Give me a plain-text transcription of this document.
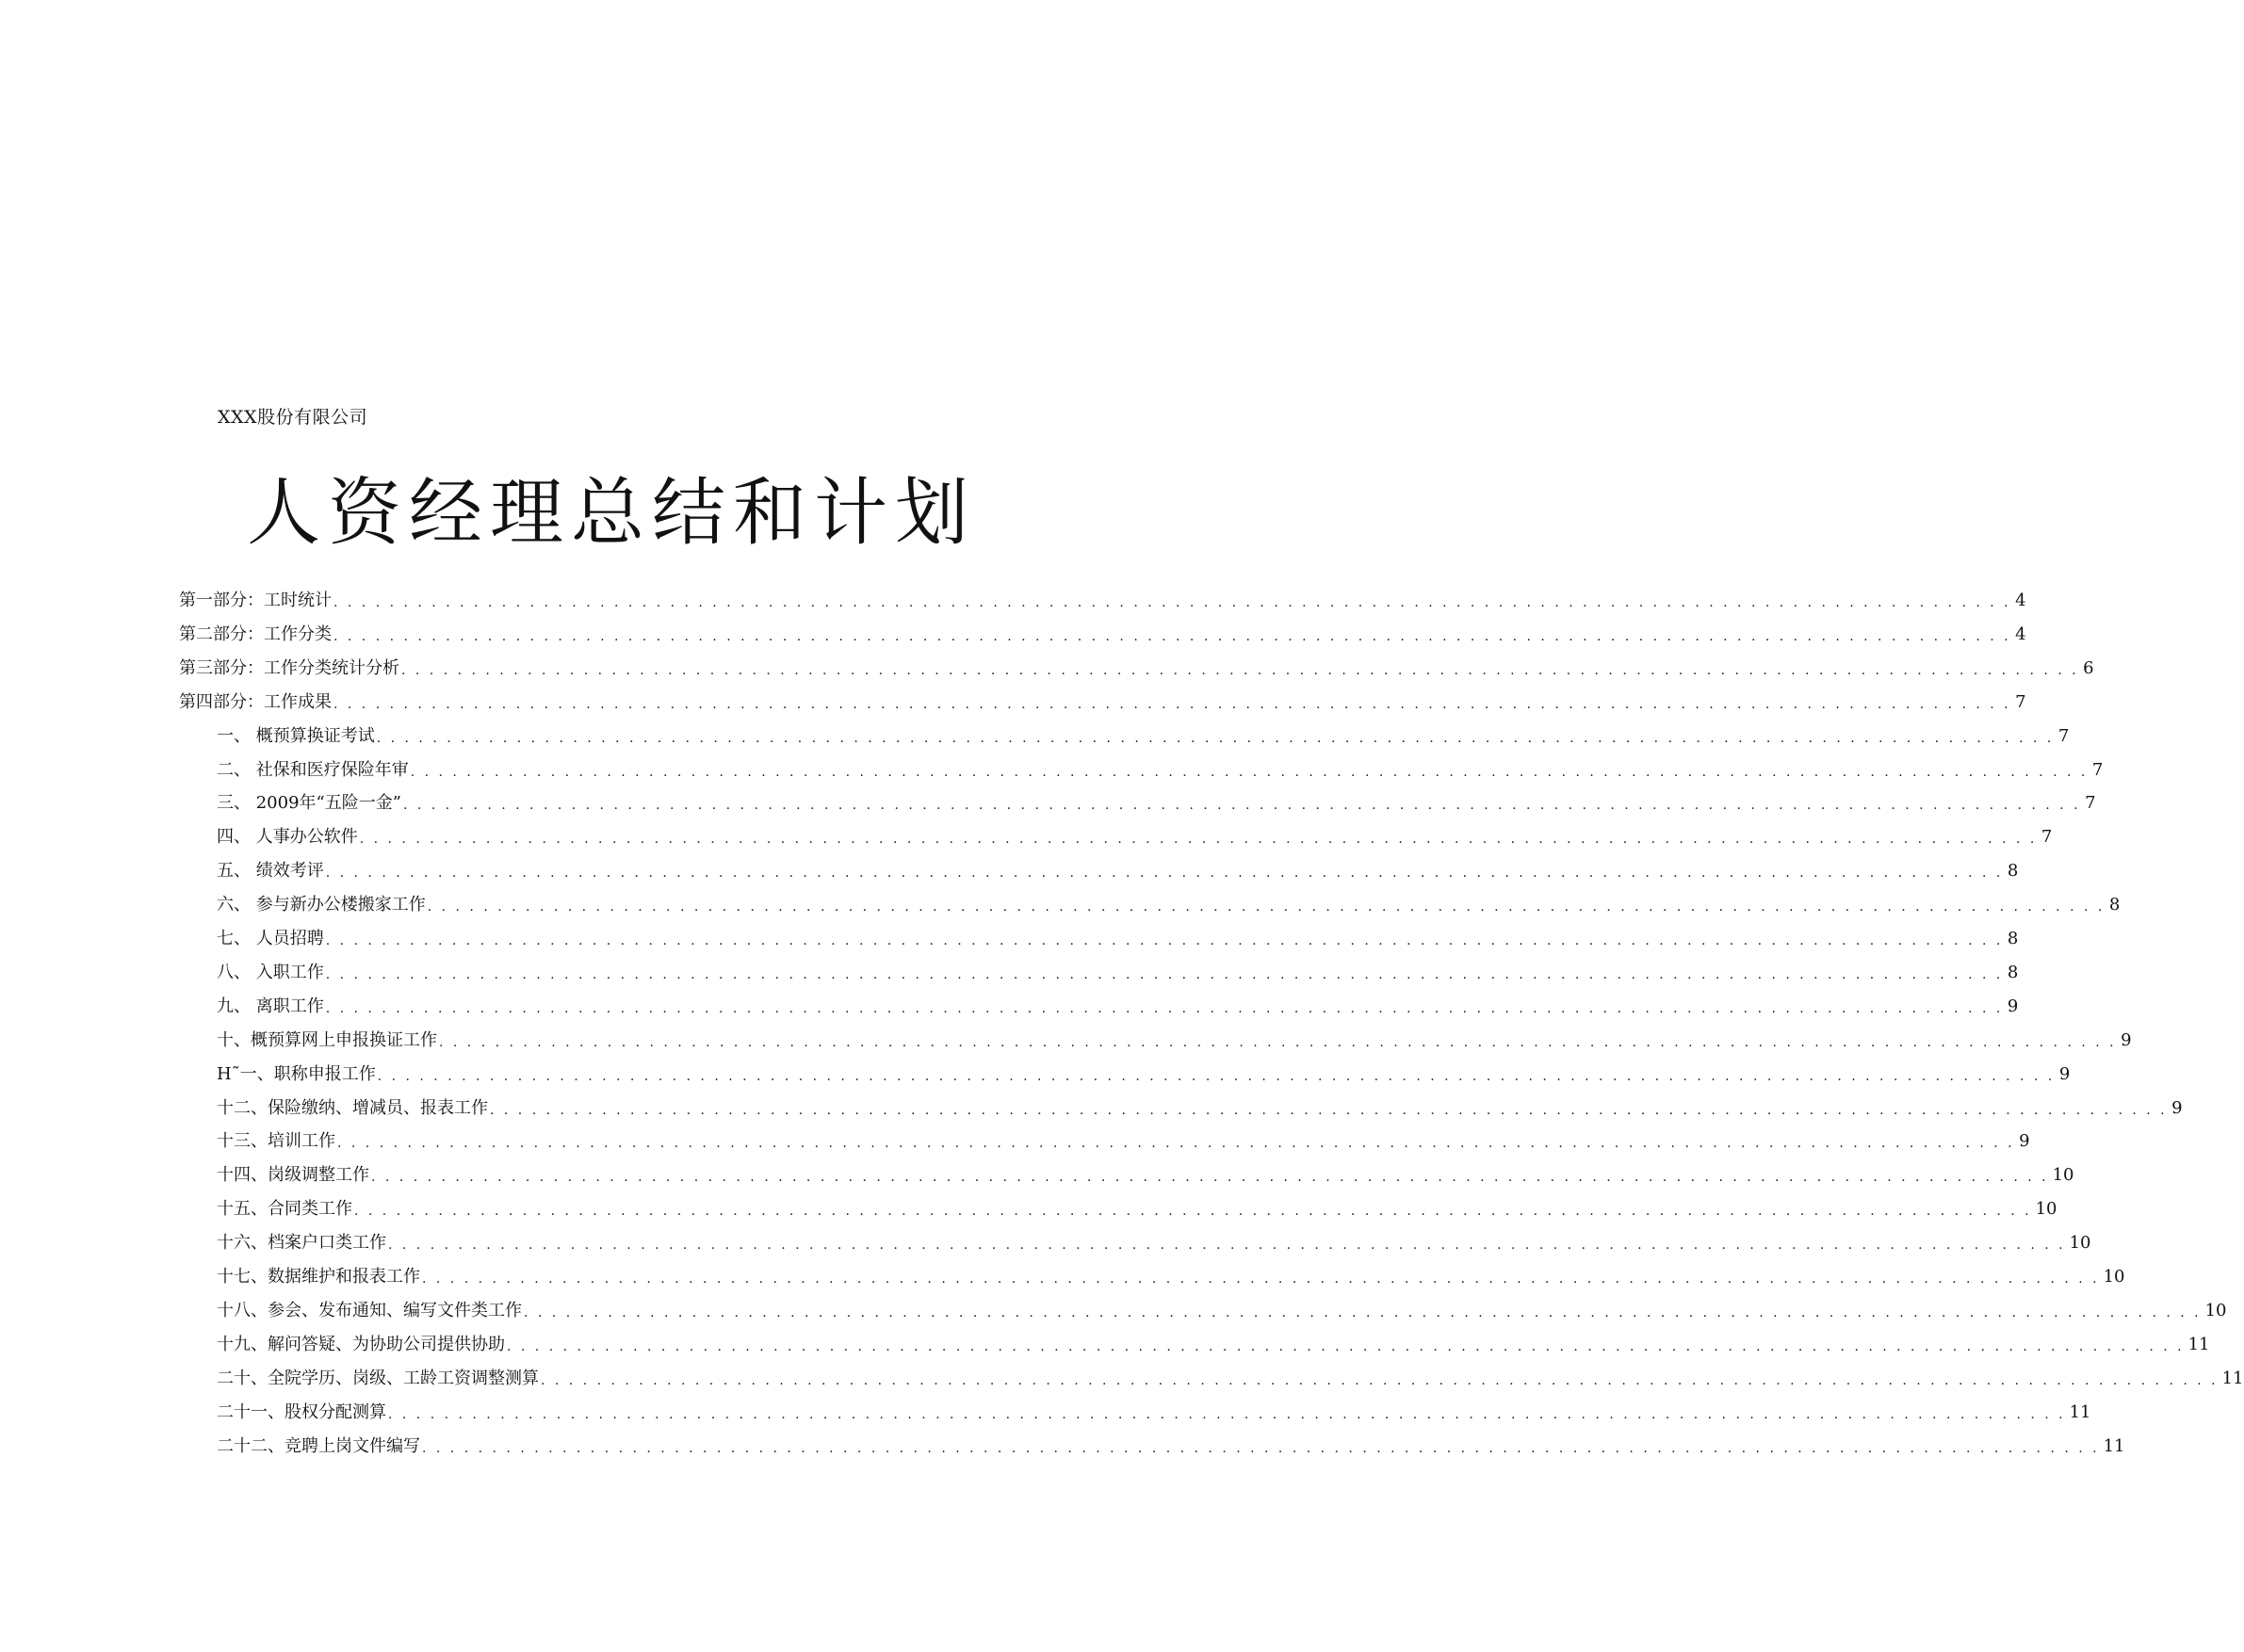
XXX股份有限公司
人资经理总结和计划
第一部分：工时统计 . . . . . . . . . . . . . . . . . . . . . . . . . . . . . . . . . . . . . . . . . . . . . . . . . . . . . . . . . . . . . . . . . . . . . . . . . . . . . . . . . . . . . . . . . . . . . . . . . . . . . . . . . . . . . . . . . . . . . . . . 4
第二部分：工作分类 . . . . . . . . . . . . . . . . . . . . . . . . . . . . . . . . . . . . . . . . . . . . . . . . . . . . . . . . . . . . . . . . . . . . . . . . . . . . . . . . . . . . . . . . . . . . . . . . . . . . . . . . . . . . . . . . . . . . . . . . 4
第三部分：工作分类统计分析 . . . . . . . . . . . . . . . . . . . . . . . . . . . . . . . . . . . . . . . . . . . . . . . . . . . . . . . . . . . . . . . . . . . . . . . . . . . . . . . . . . . . . . . . . . . . . . . . . . . . . . . . . . . . . . . . . . . . . . . . 6
第四部分：工作成果 . . . . . . . . . . . . . . . . . . . . . . . . . . . . . . . . . . . . . . . . . . . . . . . . . . . . . . . . . . . . . . . . . . . . . . . . . . . . . . . . . . . . . . . . . . . . . . . . . . . . . . . . . . . . . . . . . . . . . . . . 7
一、 概预算换证考试 . . . . . . . . . . . . . . . . . . . . . . . . . . . . . . . . . . . . . . . . . . . . . . . . . . . . . . . . . . . . . . . . . . . . . . . . . . . . . . . . . . . . . . . . . . . . . . . . . . . . . . . . . . . . . . . . . . . . . . . . 7
二、 社保和医疗保险年审 . . . . . . . . . . . . . . . . . . . . . . . . . . . . . . . . . . . . . . . . . . . . . . . . . . . . . . . . . . . . . . . . . . . . . . . . . . . . . . . . . . . . . . . . . . . . . . . . . . . . . . . . . . . . . . . . . . . . . . . . 7
三、 2009年“五险一金” . . . . . . . . . . . . . . . . . . . . . . . . . . . . . . . . . . . . . . . . . . . . . . . . . . . . . . . . . . . . . . . . . . . . . . . . . . . . . . . . . . . . . . . . . . . . . . . . . . . . . . . . . . . . . . . . . . . . . . . . 7
四、 人事办公软件 . . . . . . . . . . . . . . . . . . . . . . . . . . . . . . . . . . . . . . . . . . . . . . . . . . . . . . . . . . . . . . . . . . . . . . . . . . . . . . . . . . . . . . . . . . . . . . . . . . . . . . . . . . . . . . . . . . . . . . . . 7
五、 绩效考评 . . . . . . . . . . . . . . . . . . . . . . . . . . . . . . . . . . . . . . . . . . . . . . . . . . . . . . . . . . . . . . . . . . . . . . . . . . . . . . . . . . . . . . . . . . . . . . . . . . . . . . . . . . . . . . . . . . . . . . . . 8
六、 参与新办公楼搬家工作 . . . . . . . . . . . . . . . . . . . . . . . . . . . . . . . . . . . . . . . . . . . . . . . . . . . . . . . . . . . . . . . . . . . . . . . . . . . . . . . . . . . . . . . . . . . . . . . . . . . . . . . . . . . . . . . . . . . . . . . . 8
七、 人员招聘 . . . . . . . . . . . . . . . . . . . . . . . . . . . . . . . . . . . . . . . . . . . . . . . . . . . . . . . . . . . . . . . . . . . . . . . . . . . . . . . . . . . . . . . . . . . . . . . . . . . . . . . . . . . . . . . . . . . . . . . . 8
八、 入职工作 . . . . . . . . . . . . . . . . . . . . . . . . . . . . . . . . . . . . . . . . . . . . . . . . . . . . . . . . . . . . . . . . . . . . . . . . . . . . . . . . . . . . . . . . . . . . . . . . . . . . . . . . . . . . . . . . . . . . . . . . 8
九、 离职工作 . . . . . . . . . . . . . . . . . . . . . . . . . . . . . . . . . . . . . . . . . . . . . . . . . . . . . . . . . . . . . . . . . . . . . . . . . . . . . . . . . . . . . . . . . . . . . . . . . . . . . . . . . . . . . . . . . . . . . . . . 9
十、概预算网上申报换证工作 . . . . . . . . . . . . . . . . . . . . . . . . . . . . . . . . . . . . . . . . . . . . . . . . . . . . . . . . . . . . . . . . . . . . . . . . . . . . . . . . . . . . . . . . . . . . . . . . . . . . . . . . . . . . . . . . . . . . . . . . 9
H˜一、职称申报工作 . . . . . . . . . . . . . . . . . . . . . . . . . . . . . . . . . . . . . . . . . . . . . . . . . . . . . . . . . . . . . . . . . . . . . . . . . . . . . . . . . . . . . . . . . . . . . . . . . . . . . . . . . . . . . . . . . . . . . . . . 9
十二、保险缴纳、增减员、报表工作 . . . . . . . . . . . . . . . . . . . . . . . . . . . . . . . . . . . . . . . . . . . . . . . . . . . . . . . . . . . . . . . . . . . . . . . . . . . . . . . . . . . . . . . . . . . . . . . . . . . . . . . . . . . . . . . . . . . . . . . . 9
十三、培训工作 . . . . . . . . . . . . . . . . . . . . . . . . . . . . . . . . . . . . . . . . . . . . . . . . . . . . . . . . . . . . . . . . . . . . . . . . . . . . . . . . . . . . . . . . . . . . . . . . . . . . . . . . . . . . . . . . . . . . . . . . 9
十四、岗级调整工作 . . . . . . . . . . . . . . . . . . . . . . . . . . . . . . . . . . . . . . . . . . . . . . . . . . . . . . . . . . . . . . . . . . . . . . . . . . . . . . . . . . . . . . . . . . . . . . . . . . . . . . . . . . . . . . . . . . . . . . . . 10
十五、合同类工作 . . . . . . . . . . . . . . . . . . . . . . . . . . . . . . . . . . . . . . . . . . . . . . . . . . . . . . . . . . . . . . . . . . . . . . . . . . . . . . . . . . . . . . . . . . . . . . . . . . . . . . . . . . . . . . . . . . . . . . . . 10
十六、档案户口类工作 . . . . . . . . . . . . . . . . . . . . . . . . . . . . . . . . . . . . . . . . . . . . . . . . . . . . . . . . . . . . . . . . . . . . . . . . . . . . . . . . . . . . . . . . . . . . . . . . . . . . . . . . . . . . . . . . . . . . . . . . 10
十七、数据维护和报表工作 . . . . . . . . . . . . . . . . . . . . . . . . . . . . . . . . . . . . . . . . . . . . . . . . . . . . . . . . . . . . . . . . . . . . . . . . . . . . . . . . . . . . . . . . . . . . . . . . . . . . . . . . . . . . . . . . . . . . . . . . 10
十八、参会、发布通知、编写文件类工作 . . . . . . . . . . . . . . . . . . . . . . . . . . . . . . . . . . . . . . . . . . . . . . . . . . . . . . . . . . . . . . . . . . . . . . . . . . . . . . . . . . . . . . . . . . . . . . . . . . . . . . . . . . . . . . . . . . . . . . . . 10
十九、解问答疑、为协助公司提供协助 . . . . . . . . . . . . . . . . . . . . . . . . . . . . . . . . . . . . . . . . . . . . . . . . . . . . . . . . . . . . . . . . . . . . . . . . . . . . . . . . . . . . . . . . . . . . . . . . . . . . . . . . . . . . . . . . . . . . . . . . 11
二十、全院学历、岗级、工龄工资调整测算 . . . . . . . . . . . . . . . . . . . . . . . . . . . . . . . . . . . . . . . . . . . . . . . . . . . . . . . . . . . . . . . . . . . . . . . . . . . . . . . . . . . . . . . . . . . . . . . . . . . . . . . . . . . . . . . . . . . . . . . . 11
二十一、股权分配测算 . . . . . . . . . . . . . . . . . . . . . . . . . . . . . . . . . . . . . . . . . . . . . . . . . . . . . . . . . . . . . . . . . . . . . . . . . . . . . . . . . . . . . . . . . . . . . . . . . . . . . . . . . . . . . . . . . . . . . . . . 11
二十二、竞聘上岗文件编写 . . . . . . . . . . . . . . . . . . . . . . . . . . . . . . . . . . . . . . . . . . . . . . . . . . . . . . . . . . . . . . . . . . . . . . . . . . . . . . . . . . . . . . . . . . . . . . . . . . . . . . . . . . . . . . . . . . . . . . . . 11
